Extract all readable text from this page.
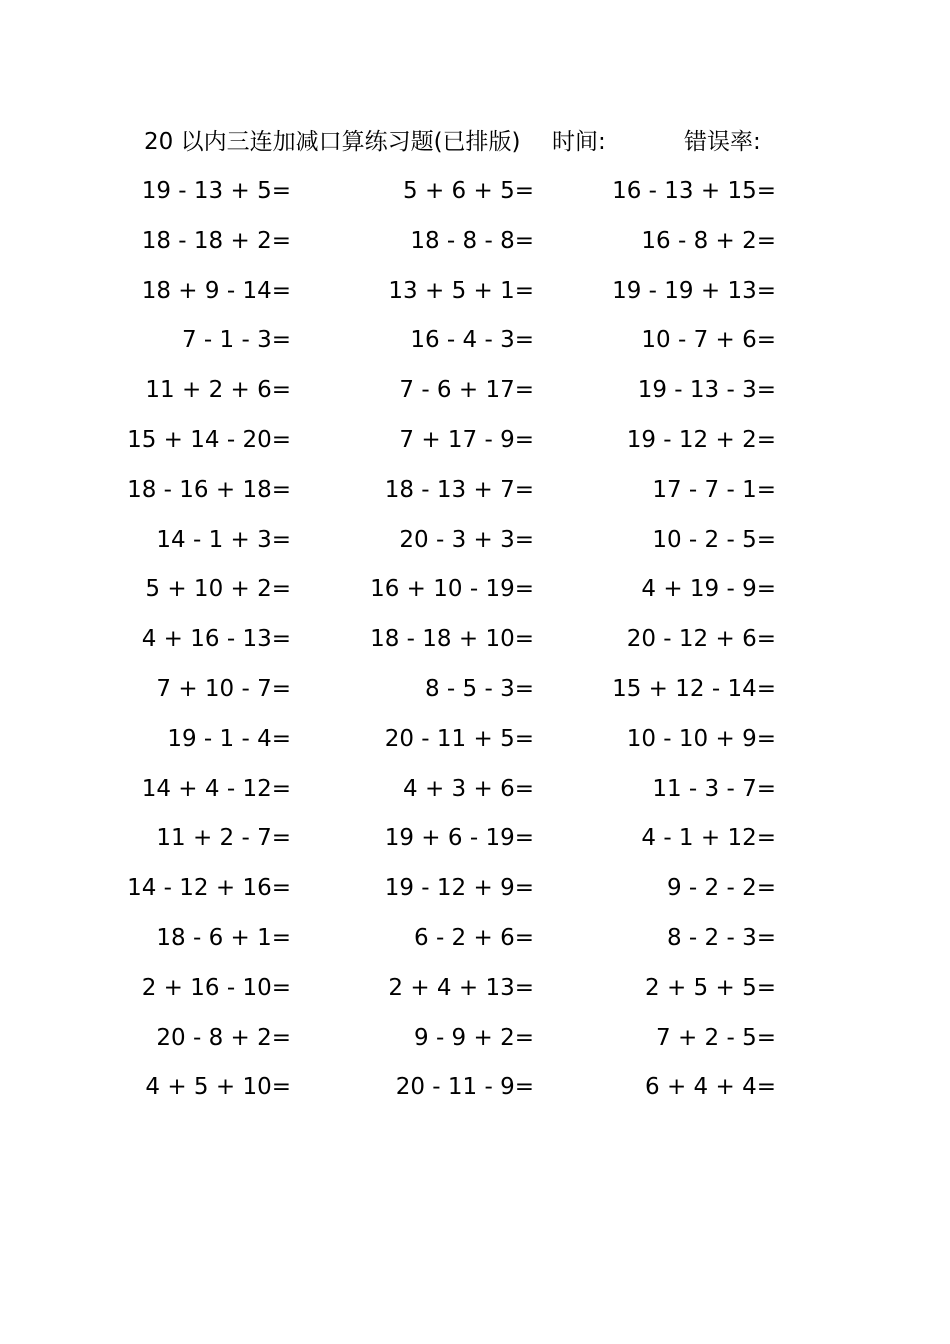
20 以内三连加减口算练习题(已排版) 时间:	错误率:
19 - 13 + 5=	5 + 6 + 5=	16 - 13 + 15=
18 - 18 + 2=	18 - 8 - 8=	16 - 8 + 2=
18 + 9 - 14=	13 + 5 + 1=	19 - 19 + 13=
7 - 1 - 3=	16 - 4 - 3=	10 - 7 + 6=
11 + 2 + 6=	7 - 6 + 17=	19 - 13 - 3=
15 + 14 - 20=	7 + 17 - 9=	19 - 12 + 2=
18 - 16 + 18=	18 - 13 + 7=	17 - 7 - 1=
14 - 1 + 3=	20 - 3 + 3=	10 - 2 - 5=
5 + 10 + 2=	16 + 10 - 19=	4 + 19 - 9=
4 + 16 - 13=	18 - 18 + 10=	20 - 12 + 6=
7 + 10 - 7=	8 - 5 - 3=	15 + 12 - 14=
19 - 1 - 4=	20 - 11 + 5=	10 - 10 + 9=
14 + 4 - 12=	4 + 3 + 6=	11 - 3 - 7=
11 + 2 - 7=	19 + 6 - 19=	4 - 1 + 12=
14 - 12 + 16=	19 - 12 + 9=	9 - 2 - 2=
18 - 6 + 1=	6 - 2 + 6=	8 - 2 - 3=
2 + 16 - 10=	2 + 4 + 13=	2 + 5 + 5=
20 - 8 + 2=	9 - 9 + 2=	7 + 2 - 5=
4 + 5 + 10=	20 - 11 - 9=	6 + 4 + 4=
